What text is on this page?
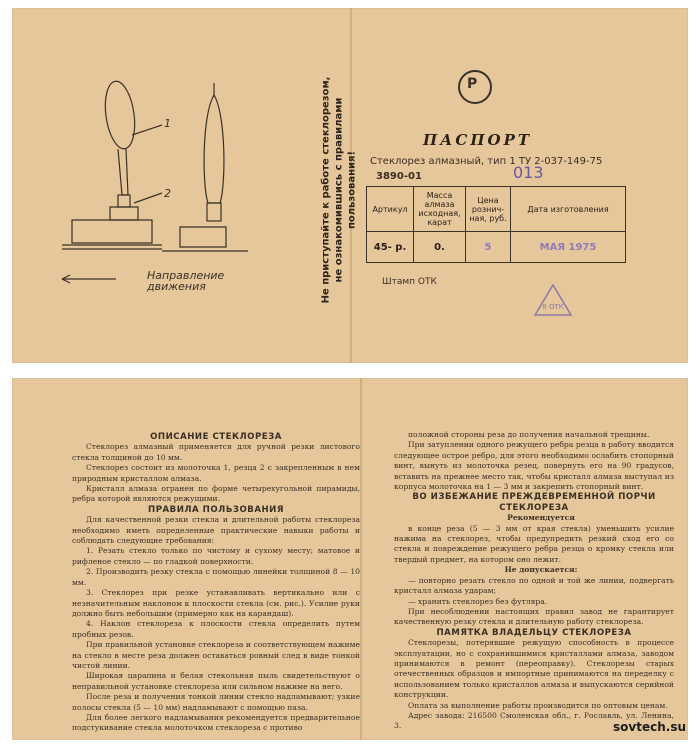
1
2
Направление движения	Не приступайте к работе стеклорезом, не ознакомившись с правилами пользования!
Р
ПАСПОРТ
Стеклорез алмазный, тип 1 ТУ 2-037-149-75
3890-01	013
Артикул	Масса алмаза исходная, карат	Цена рознич-ная, руб.	Дата изготовления
45- р.	0.	5	МАЯ 1975
Штамп ОТК
8 ОТК
ОПИСАНИЕ СТЕКЛОРЕЗА

Стеклорез алмазный применяется для ручной резки листового стекла толщиной до 10 мм.

Стеклорез состоит из молоточка 1, резца 2 с закрепленным в нем природным кристаллом алмаза.

Кристалл алмаза огранен по форме четырехугольной пирамиды, ребра которой являются режущими.

ПРАВИЛА ПОЛЬЗОВАНИЯ

Для качественной резки стекла и длительной работы стеклореза необходимо иметь определенные практические навыки работы и соблюдать следующие требования:

1. Резать стекло только по чистому и сухому месту; матовое и рифленое стекло — по гладкой поверхности.

2. Производить резку стекла с помощью линейки толщиной 8 — 10 мм.

3. Стеклорез при резке устанавливать вертикально или с незначительным наклоном к плоскости стекла (см. рис.). Усилие руки должно быть небольшим (примерно как на карандаш).

4. Наклон стеклореза к плоскости стекла определить путем пробных резов.

При правильной установке стеклореза и соответствующем нажиме на стекло в месте реза должен оставаться ровный след в виде тонкой чистой линии.

Широкая царапина и белая стекольная пыль свидетельствуют о неправильной установке стеклореза или сильном нажиме на него.

После реза и получения тонкой линии стекло надламывают; узкие полосы стекла (5 — 10 мм) надламывают с помощью паза.

Для более легкого надламывания рекомендуется предварительное подстукивание стекла молоточком стеклореза с противо

положной стороны реза до получения начальной трещины.

При затуплении одного режущего ребра резца в работу вводится следующее острое ребро, для этого необходимо ослабить стопорный винт, вынуть из молоточка резец, повернуть его на 90 градусов, вставить на прежнее место так, чтобы кристалл алмаза выступал из корпуса молоточка на 1 — 3 мм и закрепить стопорный винт.

ВО ИЗБЕЖАНИЕ ПРЕЖДЕВРЕМЕННОЙ ПОРЧИ СТЕКЛОРЕЗА

Рекомендуется

в конце реза (5 — 3 мм от края стекла) уменьшить усилие нажима на стеклорез, чтобы предупредить резкий сход его со стекла и повреждение режущего ребра резца о кромку стекла или твердый предмет, на котором оно лежит.

Не допускается:

— повторно резать стекло по одной и той же линии, подвергать кристалл алмаза ударам;

— хранить стеклорез без футляра.

При несоблюдении настоящих правил завод не гарантирует качественную резку стекла и длительную работу стеклореза.

ПАМЯТКА ВЛАДЕЛЬЦУ СТЕКЛОРЕЗА

Стеклорезы, потерявшие режущую способность в процессе эксплуатации, но с сохранившимися кристаллами алмаза, заводом принимаются в ремонт (переоправку). Стеклорезы старых отечественных образцов и импортные принимаются на переделку с использованием только кристаллов алмаза и выпускаются серийной конструкции.

Оплата за выполнение работы производится по оптовым ценам.

Адрес завода: 216500 Смоленская обл., г. Рославль, ул. Ленина, 3.	sovtech.su
